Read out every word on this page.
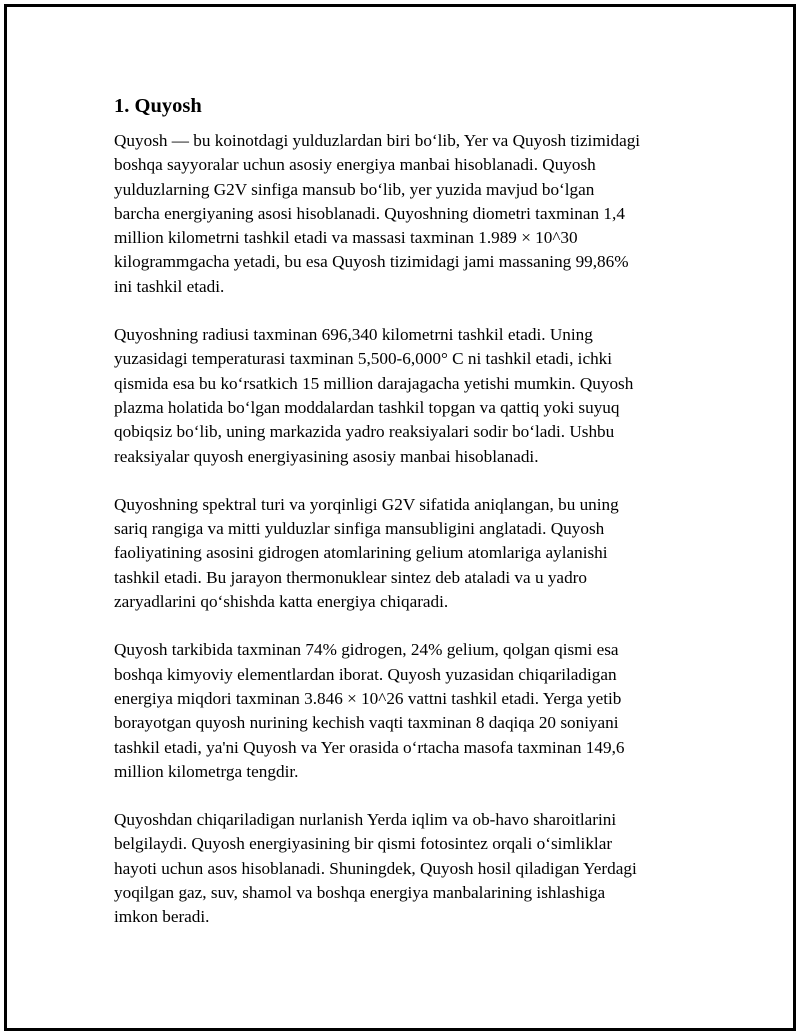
1. Quyosh

Quyosh — bu koinotdagi yulduzlardan biri bo‘lib, Yer va Quyosh tizimidagi
boshqa sayyoralar uchun asosiy energiya manbai hisoblanadi. Quyosh
yulduzlarning G2V sinfiga mansub bo‘lib, yer yuzida mavjud bo‘lgan
barcha energiyaning asosi hisoblanadi. Quyoshning diometri taxminan 1,4
million kilometrni tashkil etadi va massasi taxminan 1.989 × 10^30
kilogrammgacha yetadi, bu esa Quyosh tizimidagi jami massaning 99,86%
ini tashkil etadi.

Quyoshning radiusi taxminan 696,340 kilometrni tashkil etadi. Uning
yuzasidagi temperaturasi taxminan 5,500-6,000° C ni tashkil etadi, ichki
qismida esa bu ko‘rsatkich 15 million darajagacha yetishi mumkin. Quyosh
plazma holatida bo‘lgan moddalardan tashkil topgan va qattiq yoki suyuq
qobiqsiz bo‘lib, uning markazida yadro reaksiyalari sodir bo‘ladi. Ushbu
reaksiyalar quyosh energiyasining asosiy manbai hisoblanadi.

Quyoshning spektral turi va yorqinligi G2V sifatida aniqlangan, bu uning
sariq rangiga va mitti yulduzlar sinfiga mansubligini anglatadi. Quyosh
faoliyatining asosini gidrogen atomlarining gelium atomlariga aylanishi
tashkil etadi. Bu jarayon thermonuklear sintez deb ataladi va u yadro
zaryadlarini qo‘shishda katta energiya chiqaradi.

Quyosh tarkibida taxminan 74% gidrogen, 24% gelium, qolgan qismi esa
boshqa kimyoviy elementlardan iborat. Quyosh yuzasidan chiqariladigan
energiya miqdori taxminan 3.846 × 10^26 vattni tashkil etadi. Yerga yetib
borayotgan quyosh nurining kechish vaqti taxminan 8 daqiqa 20 soniyani
tashkil etadi, ya'ni Quyosh va Yer orasida o‘rtacha masofa taxminan 149,6
million kilometrga tengdir.

Quyoshdan chiqariladigan nurlanish Yerda iqlim va ob-havo sharoitlarini
belgilaydi. Quyosh energiyasining bir qismi fotosintez orqali o‘simliklar
hayoti uchun asos hisoblanadi. Shuningdek, Quyosh hosil qiladigan Yerdagi
yoqilgan gaz, suv, shamol va boshqa energiya manbalarining ishlashiga
imkon beradi.
